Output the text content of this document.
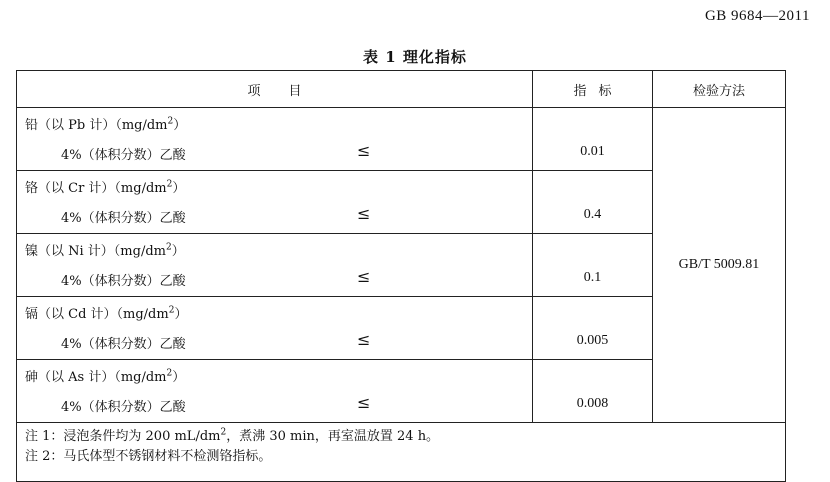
GB 9684—2011
表 1 理化指标
项目	指标	检验方法

铅（以 Pb 计）$(mg/dm^2)$
4%（体积分数）乙酸 ≤	0.01	GB/T 5009.81

铬（以 Cr 计）$(mg/dm^2)$
4%（体积分数）乙酸 ≤	0.4	

镍（以 Ni 计）$(mg/dm^2)$
4%（体积分数）乙酸 ≤	0.1	

镉（以 Cd 计）$(mg/dm^2)$
4%（体积分数）乙酸 ≤	0.005	

砷（以 As 计）$(mg/dm^2)$
4%（体积分数）乙酸 ≤	0.008	

注 1：浸泡条件均为 200 $mL/dm^2$，煮沸 30 min，再室温放置 24 h。
注 2：马氏体型不锈钢材料不检测铬指标。		
